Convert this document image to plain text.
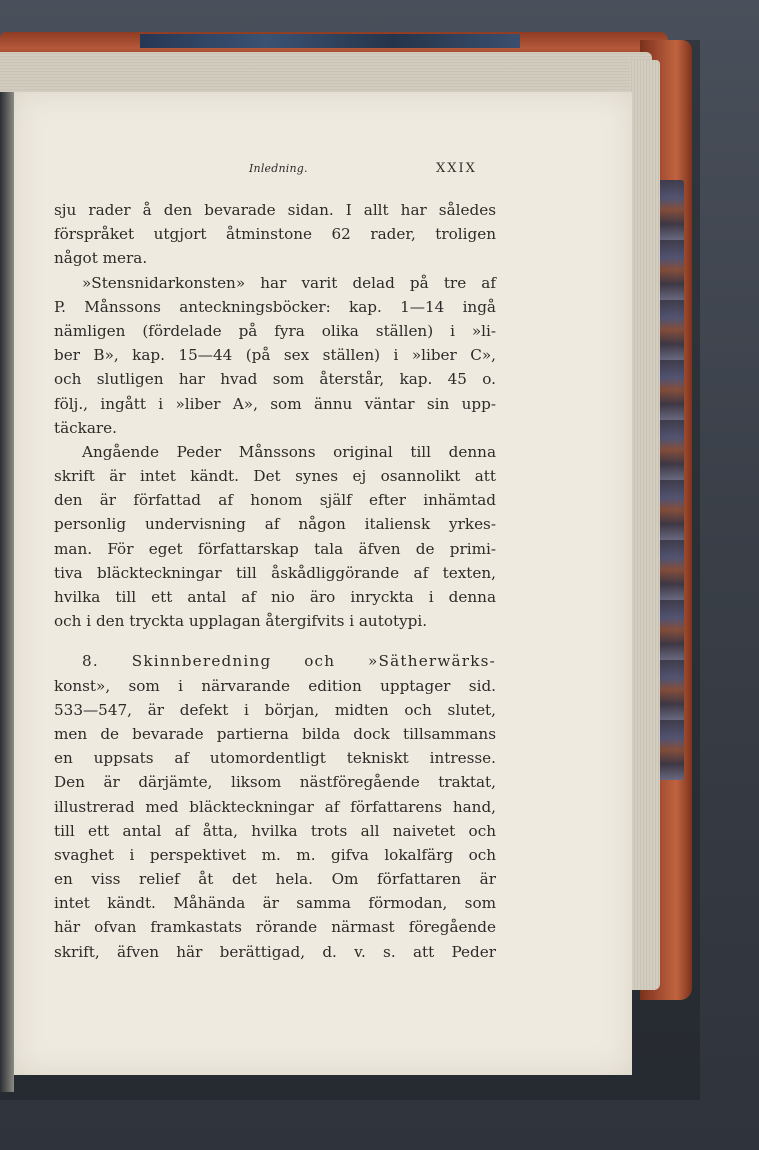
Inledning.	XXIX
sju rader å den bevarade sidan. I allt har således
förspråket utgjort åtminstone 62 rader, troligen
något mera.
»Stensnidarkonsten» har varit delad på tre af
P. Månssons anteckningsböcker: kap. 1—14 ingå
nämligen (fördelade på fyra olika ställen) i »li-
ber B», kap. 15—44 (på sex ställen) i »liber C»,
och slutligen har hvad som återstår, kap. 45 o.
följ., ingått i »liber A», som ännu väntar sin upp-
täckare.
Angående Peder Månssons original till denna
skrift är intet kändt. Det synes ej osannolikt att
den är författad af honom själf efter inhämtad
personlig undervisning af någon italiensk yrkes-
man. För eget författarskap tala äfven de primi-
tiva bläckteckningar till åskådliggörande af texten,
hvilka till ett antal af nio äro inryckta i denna
och i den tryckta upplagan återgifvits i autotypi.
8. Skinnberedning och »Sätherwärks-
konst», som i närvarande edition upptager sid.
533—547, är defekt i början, midten och slutet,
men de bevarade partierna bilda dock tillsammans
en uppsats af utomordentligt tekniskt intresse.
Den är därjämte, liksom nästföregående traktat,
illustrerad med bläckteckningar af författarens hand,
till ett antal af åtta, hvilka trots all naivetet och
svaghet i perspektivet m. m. gifva lokalfärg och
en viss relief åt det hela. Om författaren är
intet kändt. Måhända är samma förmodan, som
här ofvan framkastats rörande närmast föregående
skrift, äfven här berättigad, d. v. s. att Peder
